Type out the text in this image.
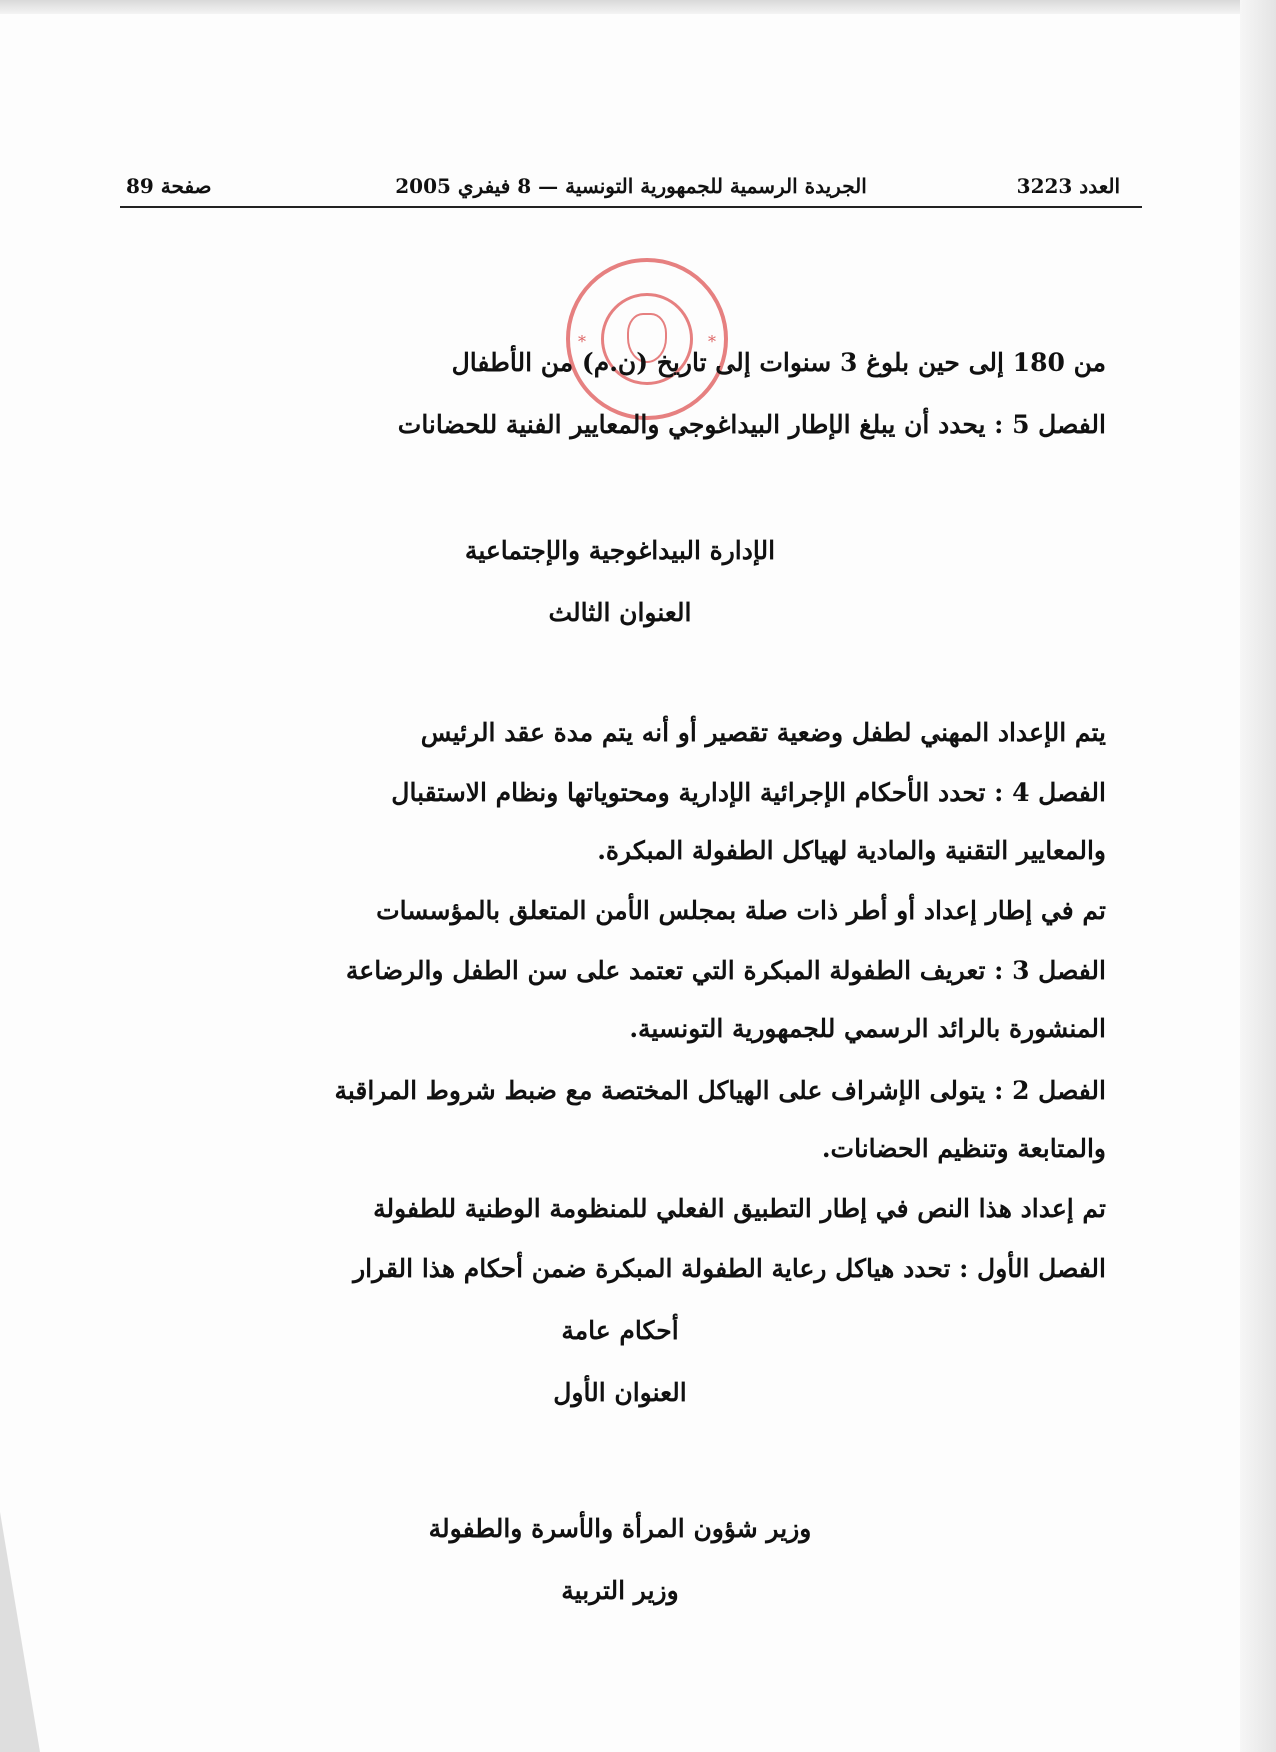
العدد 3223
الجريدة الرسمية للجمهورية التونسية — 8 فيفري 2005
صفحة 89
*	*
من 180 إلى حين بلوغ 3 سنوات إلى تاريخ (ن.م) من الأطفال
الفصل 5 : يحدد أن يبلغ الإطار البيداغوجي والمعايير الفنية للحضانات
الإدارة البيداغوجية والإجتماعية
العنوان الثالث
يتم الإعداد المهني لطفل وضعية تقصير أو أنه يتم مدة عقد الرئيس
الفصل 4 : تحدد الأحكام الإجرائية الإدارية ومحتوياتها ونظام الاستقبال
والمعايير التقنية والمادية لهياكل الطفولة المبكرة.
تم في إطار إعداد أو أطر ذات صلة بمجلس الأمن المتعلق بالمؤسسات
الفصل 3 : تعريف الطفولة المبكرة التي تعتمد على سن الطفل والرضاعة
المنشورة بالرائد الرسمي للجمهورية التونسية.
الفصل 2 : يتولى الإشراف على الهياكل المختصة مع ضبط شروط المراقبة
والمتابعة وتنظيم الحضانات.
تم إعداد هذا النص في إطار التطبيق الفعلي للمنظومة الوطنية للطفولة
الفصل الأول : تحدد هياكل رعاية الطفولة المبكرة ضمن أحكام هذا القرار
أحكام عامة
العنوان الأول
وزير شؤون المرأة والأسرة والطفولة
وزير التربية
